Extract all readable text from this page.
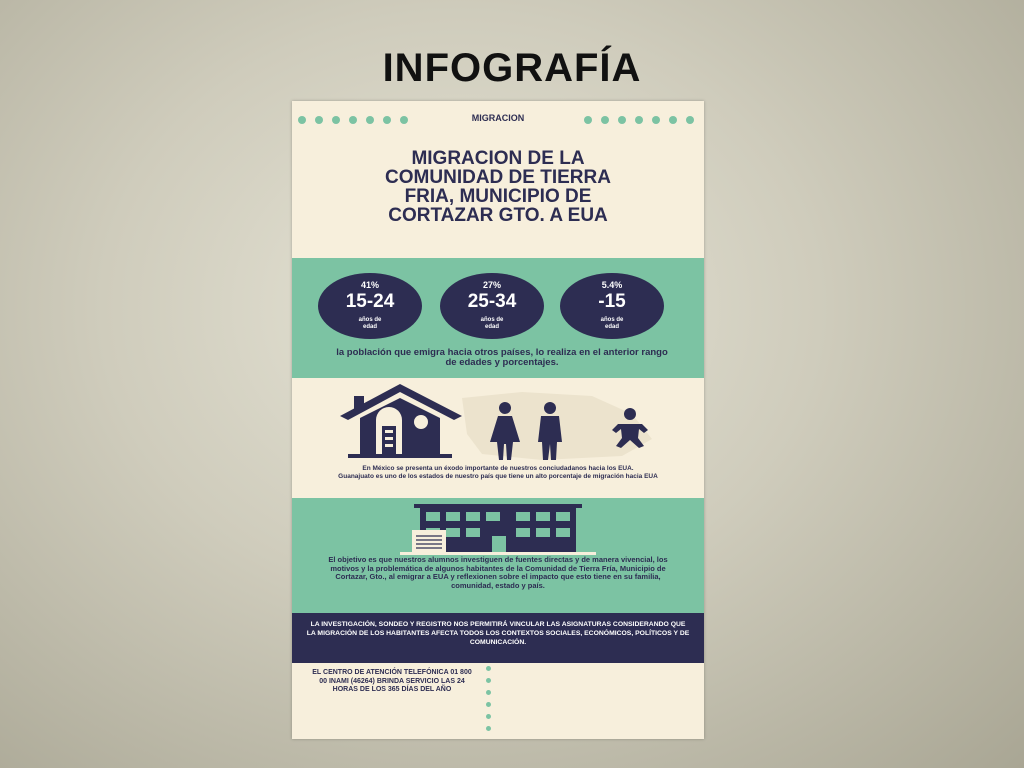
INFOGRAFÍA
MIGRACION
MIGRACION DE LA
COMUNIDAD DE TIERRA
FRIA, MUNICIPIO DE
CORTAZAR GTO. A EUA
41%
15-24
años de
edad
27%
25-34
años de
edad
5.4%
-15
años de
edad
la población que emigra hacia otros países, lo realiza en el anterior rango de edades y porcentajes.
En México se presenta un éxodo importante de nuestros conciudadanos hacia los EUA.
Guanajuato es uno de los estados de nuestro país que tiene un alto porcentaje de migración hacia EUA
El objetivo es que nuestros alumnos investiguen de fuentes directas y de manera vivencial, los motivos y la problemática de algunos habitantes de la Comunidad de Tierra Fría, Municipio de Cortazar, Gto., al emigrar a EUA y reflexionen sobre el impacto que esto tiene en su familia, comunidad, estado y país.
LA INVESTIGACIÓN, SONDEO Y REGISTRO NOS PERMITIRÁ VINCULAR LAS ASIGNATURAS CONSIDERANDO QUE LA MIGRACIÓN DE LOS HABITANTES AFECTA TODOS LOS CONTEXTOS SOCIALES, ECONÓMICOS, POLÍTICOS Y DE COMUNICACIÓN.
EL CENTRO DE ATENCIÓN TELEFÓNICA 01 800 00 INAMI (46264) BRINDA SERVICIO LAS 24 HORAS DE LOS 365 DÍAS DEL AÑO
